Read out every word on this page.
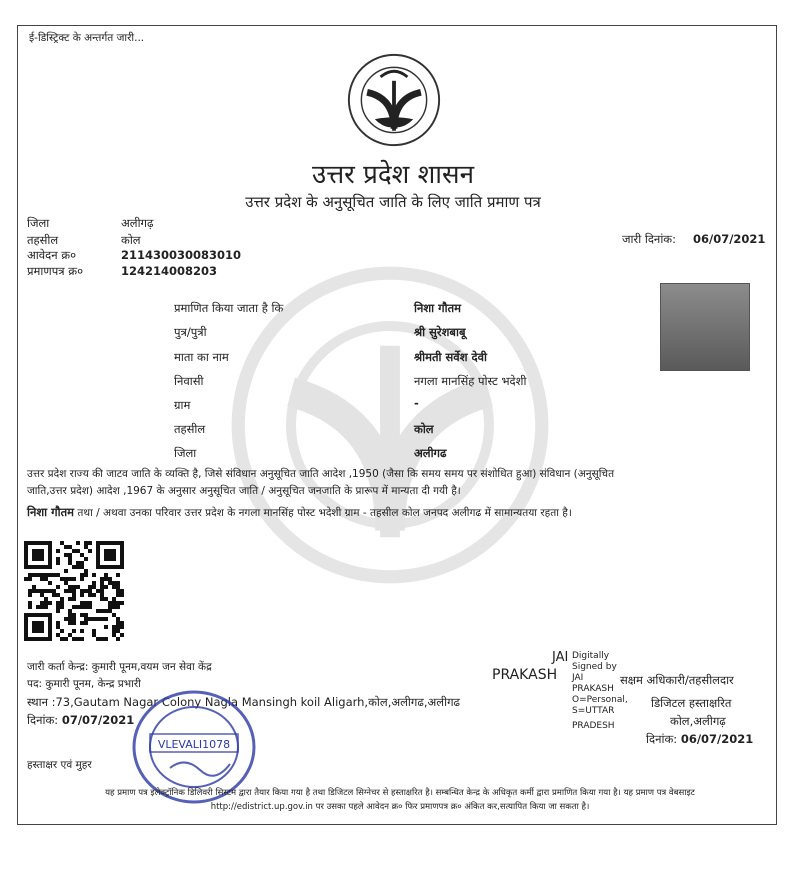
ई-डिस्ट्रिक्ट के अन्तर्गत जारी...
उत्तर प्रदेश शासन
उत्तर प्रदेश के अनुसूचित जाति के लिए जाति प्रमाण पत्र
जिला	अलीगढ़
तहसील	कोल
आवेदन क्र०	211430030083010
प्रमाणपत्र क्र०	124214008203
जारी दिनांक: 06/07/2021
प्रमाणित किया जाता है कि	निशा गौतम
पुत्र/पुत्री	श्री सुरेशबाबू
माता का नाम	श्रीमती सर्वेश देवी
निवासी	नगला मानसिंह पोस्ट भदेशी
ग्राम	-
तहसील	कोल
जिला	अलीगढ
उत्तर प्रदेश राज्य की जाटव जाति के व्यक्ति है, जिसे संविधान अनुसूचित जाति आदेश ,1950 (जैसा कि समय समय पर संशोधित हुआ) संविधान (अनुसूचित
जाति,उत्तर प्रदेश) आदेश ,1967 के अनुसार अनुसूचित जाति / अनुसूचित जनजाति के प्रारूप में मान्यता दी गयी है।
निशा गौतम तथा / अथवा उनका परिवार उत्तर प्रदेश के नगला मानसिंह पोस्ट भदेशी ग्राम - तहसील कोल जनपद अलीगढ में सामान्यतया रहता है।
जारी कर्ता केन्द्र: कुमारी पूनम,वयम जन सेवा केंद्र
पद: कुमारी पूनम, केन्द्र प्रभारी
स्थान :73,Gautam Nagar Colony Nagla Mansingh koil Aligarh,कोल,अलीगढ,अलीगढ
दिनांक: 07/07/2021
हस्ताक्षर एवं मुहर
VLEVALI1078
JAI
PRAKASH
Digitally
Signed by
JAI
PRAKASH
O=Personal,
S=UTTAR
PRADESH
सक्षम अधिकारी/तहसीलदार
डिजिटल हस्ताक्षरित
कोल,अलीगढ़
दिनांक: 06/07/2021
यह प्रमाण पत्र इलेक्ट्रॉनिक डिलिवरी सिस्टम द्वारा तैयार किया गया है तथा डिजिटल सिग्नेचर से हस्ताक्षरित है। सम्बन्धित केन्द्र के अधिकृत कर्मी द्वारा प्रमाणित किया गया है। यह प्रमाण पत्र वेबसाइट
http://edistrict.up.gov.in पर उसका पहले आवेदन क्र० फिर प्रमाणपत्र क्र० अंकित कर,सत्यापित किया जा सकता है।
